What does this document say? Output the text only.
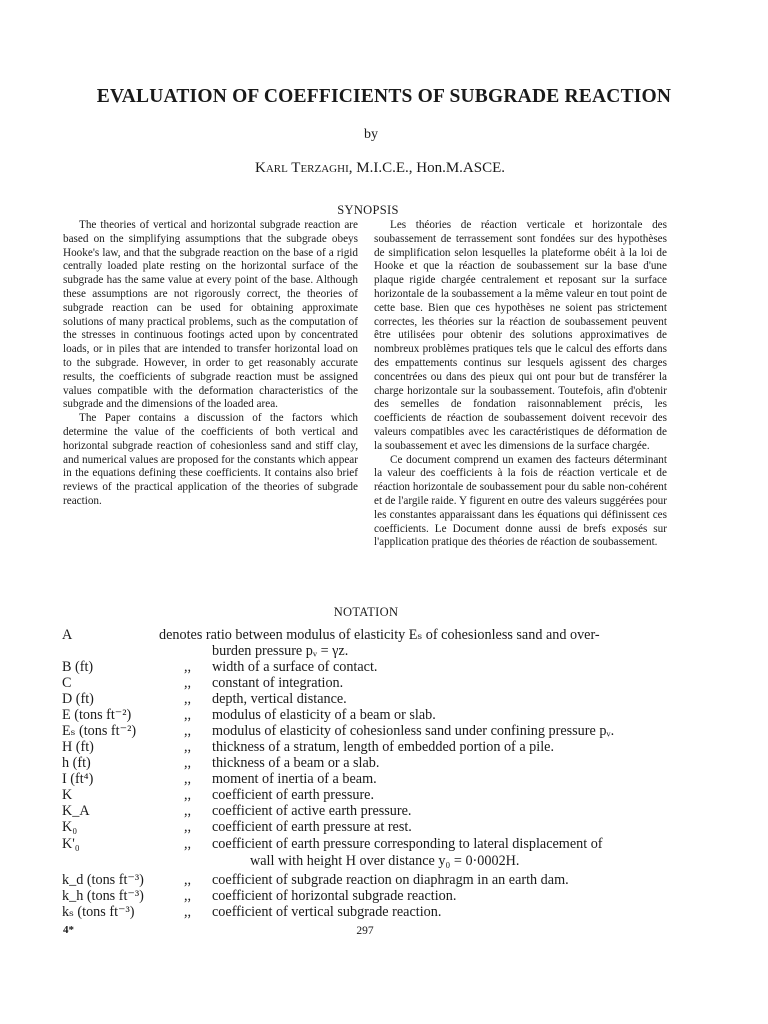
EVALUATION OF COEFFICIENTS OF SUBGRADE REACTION
by
Karl Terzaghi, M.I.C.E., Hon.M.ASCE.
SYNOPSIS

The theories of vertical and horizontal subgrade reaction are based on the simplifying assumptions that the subgrade obeys Hooke's law, and that the subgrade reaction on the base of a rigid centrally loaded plate resting on the horizontal surface of the subgrade has the same value at every point of the base. Although these assumptions are not rigorously correct, the theories of subgrade reaction can be used for obtaining approximate solutions of many practical problems, such as the computation of the stresses in continuous footings acted upon by concentrated loads, or in piles that are intended to transfer horizontal load on to the subgrade. However, in order to get reasonably accurate results, the coefficients of subgrade reaction must be assigned values compatible with the deformation characteristics of the subgrade and the dimensions of the loaded area.

The Paper contains a discussion of the factors which determine the value of the coefficients of both vertical and horizontal subgrade reaction of cohesionless sand and stiff clay, and numerical values are proposed for the constants which appear in the equations defining these coefficients. It contains also brief reviews of the practical application of the theories of subgrade reaction.

Les théories de réaction verticale et horizontale des soubassement de terrassement sont fondées sur des hypothèses de simplification selon lesquelles la plateforme obéit à la loi de Hooke et que la réaction de soubassement sur la base d'une plaque rigide chargée centralement et reposant sur la surface horizontale de la soubassement a la même valeur en tout point de cette base. Bien que ces hypothèses ne soient pas strictement correctes, les théories sur la réaction de soubassement peuvent être utilisées pour obtenir des solutions approximatives de nombreux problèmes pratiques tels que le calcul des efforts dans des empattements continus sur lesquels agissent des charges concentrées ou dans des pieux qui ont pour but de transférer la charge horizontale sur la soubassement. Toutefois, afin d'obtenir des semelles de fondation raisonnablement précis, les coefficients de réaction de soubassement doivent recevoir des valeurs compatibles avec les caractéristiques de déformation de la soubassement et avec les dimensions de la surface chargée.

Ce document comprend un examen des facteurs déterminant la valeur des coefficients à la fois de réaction verticale et de réaction horizontale de soubassement pour du sable non-cohérent et de l'argile raide. Y figurent en outre des valeurs suggérées pour les constantes apparaissant dans les équations qui définissent ces coefficients. Le Document donne aussi de brefs exposés sur l'application pratique des théories de réaction de soubassement.

NOTATION
A	denotes ratio between modulus of elasticity Eₛ of cohesionless sand and over-
burden pressure pᵥ = γz.
B (ft)	,, width of a surface of contact.
C	,, constant of integration.
D (ft)	,, depth, vertical distance.
E (tons ft⁻²)	,, modulus of elasticity of a beam or slab.
Eₛ (tons ft⁻²)	,, modulus of elasticity of cohesionless sand under confining pressure pᵥ.
H (ft)	,, thickness of a stratum, length of embedded portion of a pile.
h (ft)	,, thickness of a beam or a slab.
I (ft⁴)	,, moment of inertia of a beam.
K	,, coefficient of earth pressure.
K_A	,, coefficient of active earth pressure.
K₀	,, coefficient of earth pressure at rest.
K'₀	,, coefficient of earth pressure corresponding to lateral displacement of
wall with height H over distance y₀ = 0·0002H.
k_d (tons ft⁻³)	,, coefficient of subgrade reaction on diaphragm in an earth dam.
k_h (tons ft⁻³)	,, coefficient of horizontal subgrade reaction.
kₛ (tons ft⁻³)	,, coefficient of vertical subgrade reaction.
4*	297
